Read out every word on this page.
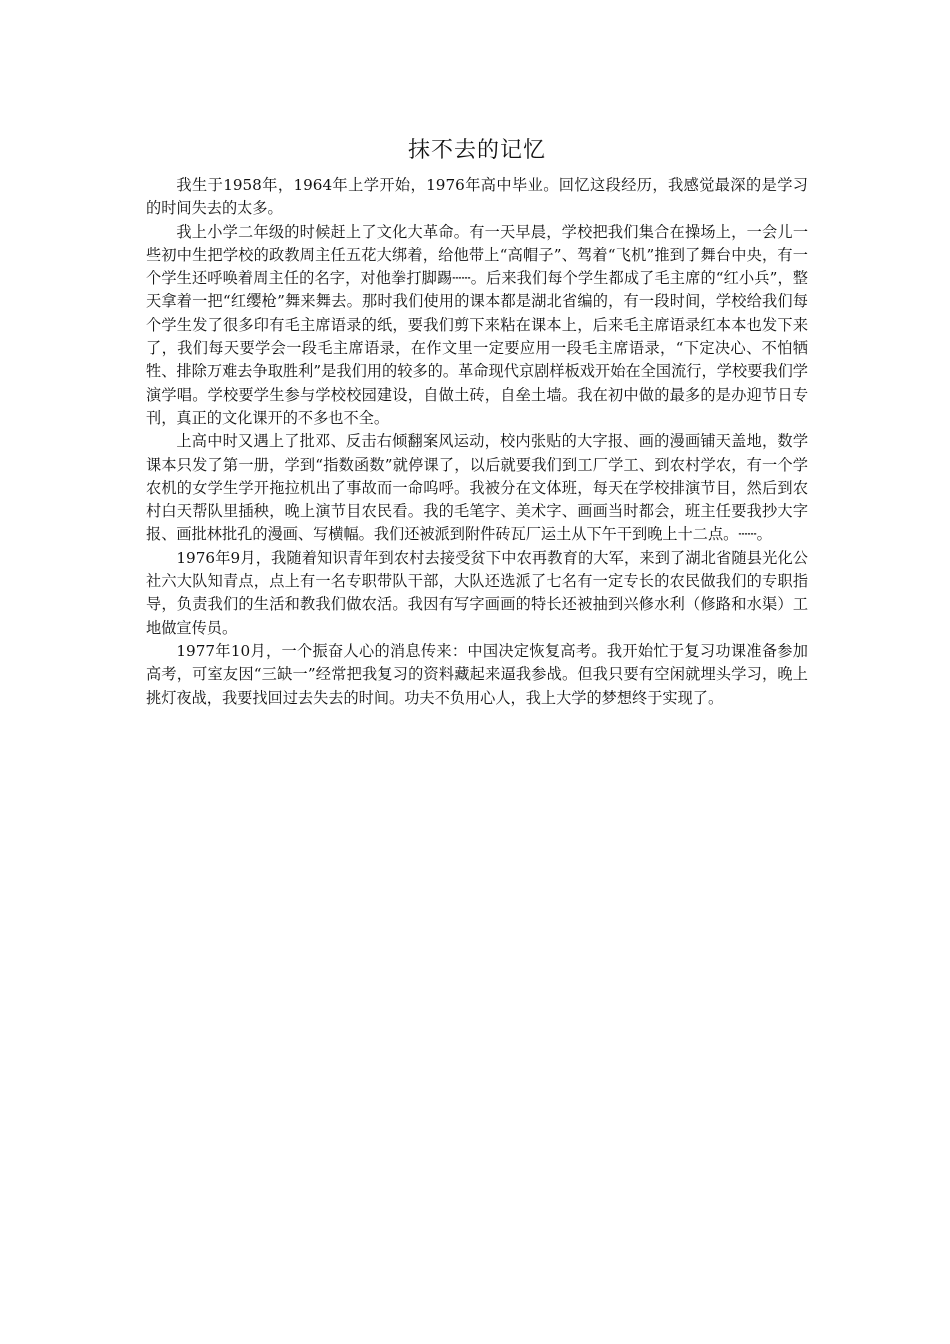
抹不去的记忆

我生于1958年，1964年上学开始，1976年高中毕业。回忆这段经历，我感觉最深的是学习的时间失去的太多。

我上小学二年级的时候赶上了文化大革命。有一天早晨，学校把我们集合在操场上，一会儿一些初中生把学校的政教周主任五花大绑着，给他带上“高帽子”、驾着“飞机”推到了舞台中央，有一个学生还呼唤着周主任的名字，对他拳打脚踢┄┄。后来我们每个学生都成了毛主席的“红小兵”，整天拿着一把“红缨枪”舞来舞去。那时我们使用的课本都是湖北省编的，有一段时间，学校给我们每个学生发了很多印有毛主席语录的纸，要我们剪下来粘在课本上，后来毛主席语录红本本也发下来了，我们每天要学会一段毛主席语录，在作文里一定要应用一段毛主席语录，“下定决心、不怕牺牲、排除万难去争取胜利”是我们用的较多的。革命现代京剧样板戏开始在全国流行，学校要我们学演学唱。学校要学生参与学校校园建设，自做土砖，自垒土墙。我在初中做的最多的是办迎节日专刊，真正的文化课开的不多也不全。

上高中时又遇上了批邓、反击右倾翻案风运动，校内张贴的大字报、画的漫画铺天盖地，数学课本只发了第一册，学到“指数函数”就停课了，以后就要我们到工厂学工、到农村学农，有一个学农机的女学生学开拖拉机出了事故而一命呜呼。我被分在文体班，每天在学校排演节目，然后到农村白天帮队里插秧，晚上演节目农民看。我的毛笔字、美术字、画画当时都会，班主任要我抄大字报、画批林批孔的漫画、写横幅。我们还被派到附件砖瓦厂运土从下午干到晚上十二点。┄┄。

1976年9月，我随着知识青年到农村去接受贫下中农再教育的大军，来到了湖北省随县光化公社六大队知青点，点上有一名专职带队干部，大队还选派了七名有一定专长的农民做我们的专职指导，负责我们的生活和教我们做农活。我因有写字画画的特长还被抽到兴修水利（修路和水渠）工地做宣传员。

1977年10月，一个振奋人心的消息传来：中国决定恢复高考。我开始忙于复习功课准备参加高考，可室友因“三缺一”经常把我复习的资料藏起来逼我参战。但我只要有空闲就埋头学习，晚上挑灯夜战，我要找回过去失去的时间。功夫不负用心人，我上大学的梦想终于实现了。
